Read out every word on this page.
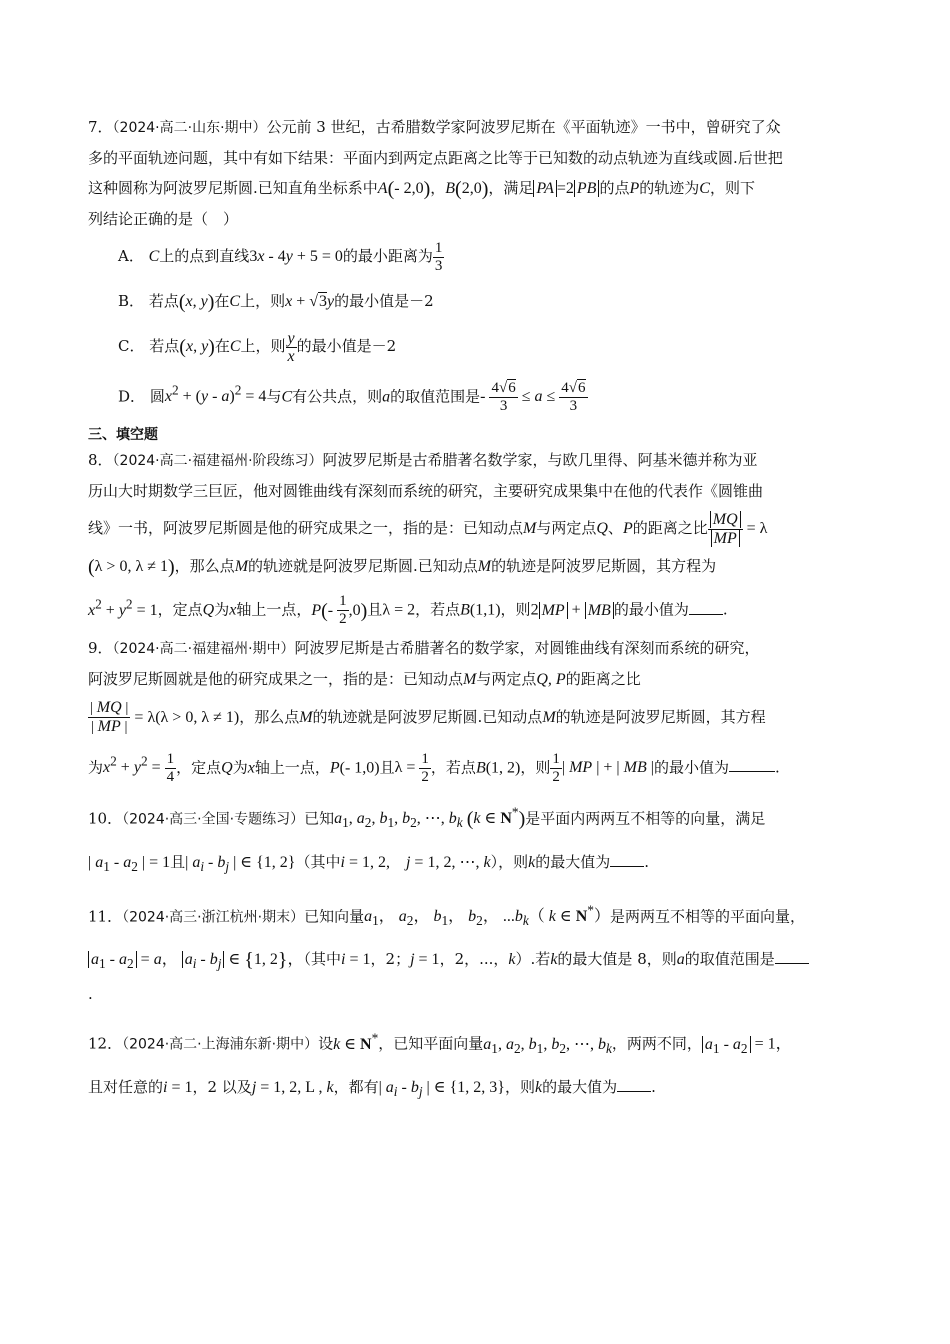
7．（2024·高二·山东·期中）公元前 3 世纪，古希腊数学家阿波罗尼斯在《平面轨迹》一书中，曾研究了众
多的平面轨迹问题，其中有如下结果：平面内到两定点距离之比等于已知数的动点轨迹为直线或圆.后世把
这种圆称为阿波罗尼斯圆.已知直角坐标系中A(- 2,0)，B(2,0)，满足 PA =2 PB 的点P的轨迹为C，则下
列结论正确的是（　）
A． C上的点到直线3x - 4y + 5 = 0的最小距离为 $\frac{1}{3}$
B． 若点(x, y)在C上，则x + √3y的最小值是－2
C． 若点(x, y)在C上，则 $\frac{y}{x}$ 的最小值是－2
D． 圆$x^2 + (y - a)^2 = 4$与C有公共点，则a的取值范围是- $\frac{4√6}{3} \le a \le \frac{4√6}{3}$
三、填空题
8．（2024·高二·福建福州·阶段练习）阿波罗尼斯是古希腊著名数学家，与欧几里得、阿基米德并称为亚
历山大时期数学三巨匠，他对圆锥曲线有深刻而系统的研究，主要研究成果集中在他的代表作《圆锥曲
线》一书，阿波罗尼斯圆是他的研究成果之一，指的是：已知动点M与两定点Q、P的距离之比 $\frac{MQ}{MP} = \lambda$
(λ > 0, λ ≠ 1)，那么点M的轨迹就是阿波罗尼斯圆.已知动点M的轨迹是阿波罗尼斯圆，其方程为
$x^2 + y^2 = 1$，定点Q为x轴上一点，$P(- \frac{1}{2} ,0)$且λ = 2，若点B(1,1)，则2 MP + MB 的最小值为 .
9．（2024·高二·福建福州·期中）阿波罗尼斯是古希腊著名的数学家，对圆锥曲线有深刻而系统的研究，
阿波罗尼斯圆就是他的研究成果之一，指的是：已知动点M与两定点Q, P的距离之比
$\frac{| MQ |}{| MP |} = \lambda(\lambda > 0$, λ ≠ 1)，那么点M的轨迹就是阿波罗尼斯圆.已知动点M的轨迹是阿波罗尼斯圆，其方程
为$x^2 + y^2 = \frac{1}{4}$ ，定点Q为x轴上一点，P(- 1,0)且$\lambda = \frac{1}{2}$ ，若点B(1, 2)，则 $\frac{1}{2}$ | MP | + | MB |的最小值为	.
10．（2024·高三·全国·专题练习）已知$a_1$, $a_2$, $b_1$, $b_2$, ⋯, $b_k$ (k ∈ N*)是平面内两两互不相等的向量，满足
| $a_1 - a_2$ | = 1且| $a_i - b_j$ | ∈ {1, 2}（其中i = 1, 2,　j = 1, 2, ⋯, k），则k的最大值为 .
11．（2024·高三·浙江杭州·期末）已知向量$a_1$， $a_2$， $b_1$， $b_2$， $...b_k$（ k ∈ N*）是两两互不相等的平面向量，
$a_1 - a_2 = a$， $a_i - b_j$ ∈ {1, 2}，（其中i = 1，2；j = 1，2，...，k）.若k的最大值是 8，则a的取值范围是
.
12．（2024·高二·上海浦东新·期中）设k ∈ N*，已知平面向量$a_1$, $a_2$, $b_1$, $b_2$, ⋯, $b_k$，两两不同， $a_1 - a_2 = 1$，
且对任意的i = 1，2 以及j = 1, 2, L , k，都有| $a_i - b_j$ | ∈ {1, 2, 3}，则k的最大值为 .
